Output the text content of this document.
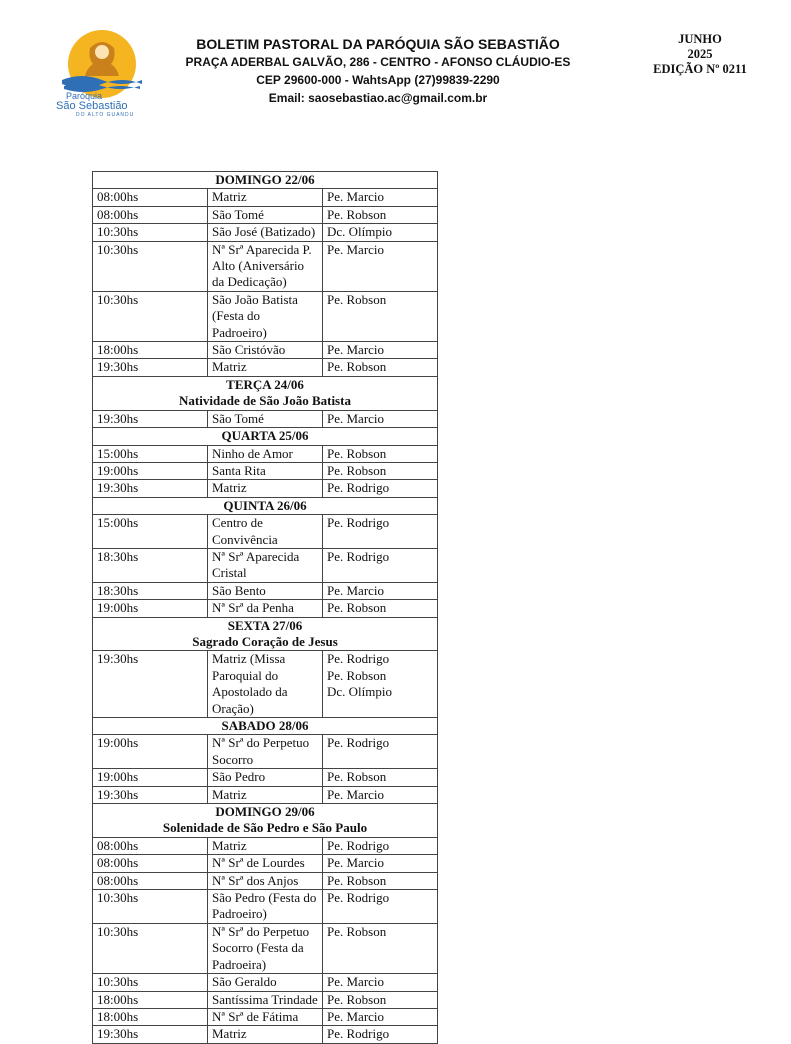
Paróquia
São Sebastião
DO ALTO GUANDU
BOLETIM PASTORAL DA PARÓQUIA SÃO SEBASTIÃO
PRAÇA ADERBAL GALVÃO, 286 - CENTRO - AFONSO CLÁUDIO-ES
CEP 29600-000 - WahtsApp (27)99839-2290
Email: saosebastiao.ac@gmail.com.br
JUNHO
2025
EDIÇÃO Nº 0211
DOMINGO 22/06		

08:00hs	Matriz	Pe. Marcio

08:00hs	São Tomé	Pe. Robson

10:30hs	São José (Batizado)	Dc. Olímpio

10:30hs	Nª Srª Aparecida P. Alto (Aniversário da Dedicação)	Pe. Marcio

10:30hs	São João Batista (Festa do Padroeiro)	Pe. Robson

18:00hs	São Cristóvão	Pe. Marcio

19:30hs	Matriz	Pe. Robson

TERÇA 24/06
Natividade de São João Batista		

19:30hs	São Tomé	Pe. Marcio

QUARTA 25/06		

15:00hs	Ninho de Amor	Pe. Robson

19:00hs	Santa Rita	Pe. Robson

19:30hs	Matriz	Pe. Rodrigo

QUINTA 26/06		

15:00hs	Centro de Convivência	Pe. Rodrigo

18:30hs	Nª Srª Aparecida Cristal	Pe. Rodrigo

18:30hs	São Bento	Pe. Marcio

19:00hs	Nª Srª da Penha	Pe. Robson

SEXTA 27/06
Sagrado Coração de Jesus		

19:30hs	Matriz (Missa Paroquial do Apostolado da Oração)	Pe. Rodrigo
Pe. Robson
Dc. Olímpio

SABADO 28/06		

19:00hs	Nª Srª do Perpetuo Socorro	Pe. Rodrigo

19:00hs	São Pedro	Pe. Robson

19:30hs	Matriz	Pe. Marcio

DOMINGO 29/06
Solenidade de São Pedro e São Paulo		

08:00hs	Matriz	Pe. Rodrigo

08:00hs	Nª Srª de Lourdes	Pe. Marcio

08:00hs	Nª Srª dos Anjos	Pe. Robson

10:30hs	São Pedro (Festa do Padroeiro)	Pe. Rodrigo

10:30hs	Nª Srª do Perpetuo Socorro (Festa da Padroeira)	Pe. Robson

10:30hs	São Geraldo	Pe. Marcio

18:00hs	Santíssima Trindade	Pe. Robson

18:00hs	Nª Srª de Fátima	Pe. Marcio

19:30hs	Matriz	Pe. Rodrigo
